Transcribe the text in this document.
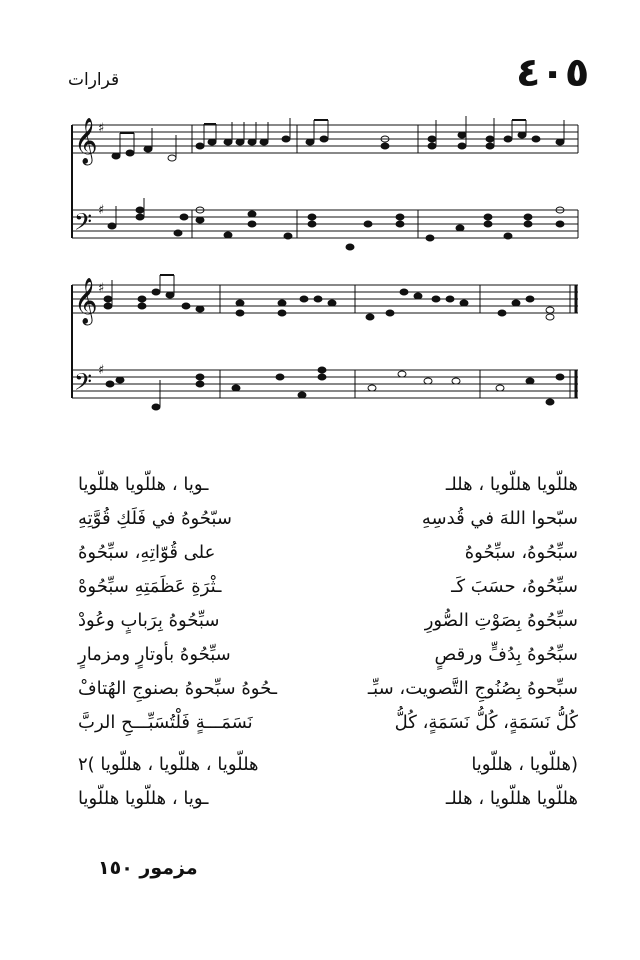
٤٠٥
قرارات
𝄞
𝄢
𝄞
𝄢
♯
♯
♯
♯
هللّويا هللّويا ، هللـ
ـويا ، هللّويا هللّويا
سبّحوا اللهَ في قُدسِهِ
سبّحُوهُ في فَلَكِ قُوَّتِهِ
سبِّحُوهُ، سبِّحُوهُ
على قُوّاتِهِ، سبِّحُوهُ
سبِّحُوهُ، حسَبَ كَـ
ـثْرَةِ عَظَمَتِهِ سبِّحُوهْ
سبِّحُوهُ بِصَوْتِ الصُّورِ
سبِّحُوهُ بِرَبابٍ وعُودْ
سبِّحُوهُ بِدُفٍّ ورقصٍ
سبِّحُوهُ بأوتارٍ ومزمارٍ
سبِّحوهُ بِصُنُوجِ التَّصويت، سبِّـ
ـحُوهُ سبِّحوهُ بصنوجِ الهُتافْ
كُلُّ نَسَمَةٍ، كُلُّ نَسَمَةٍ، كُلُّ
نَسَمَـــةٍ فَلْتُسَبِّـــحِ الربَّ
(هللّويا ، هللّويا
هللّويا ، هللّويا ، هللّويا )٢
هللّويا هللّويا ، هللـ
ـويا ، هللّويا هللّويا
مزمور ١٥٠
